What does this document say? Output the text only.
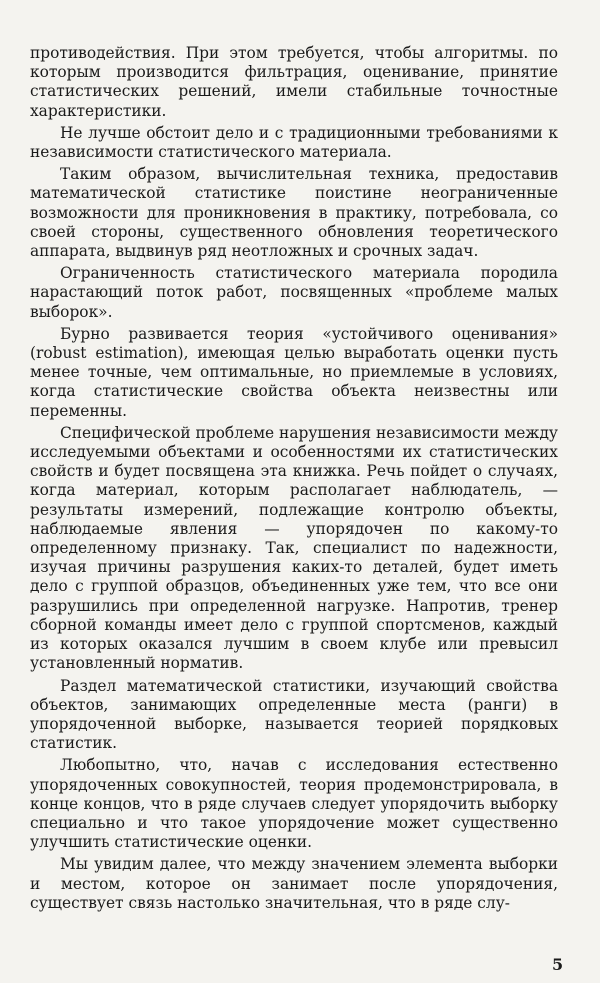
противодействия. При этом требуется, чтобы алгоритмы. по которым производится фильтрация, оценивание, принятие статистических решений, имели стабильные точностные характеристики.

Не лучше обстоит дело и с традиционными требованиями к независимости статистического материала.

Таким образом, вычислительная техника, предоставив математической статистике поистине неограниченные возможности для проникновения в практику, потребовала, со своей стороны, существенного обновления теоретического аппарата, выдвинув ряд неотложных и срочных задач.

Ограниченность статистического материала породила нарастающий поток работ, посвященных «проблеме малых выборок».

Бурно развивается теория «устойчивого оценивания» (robust estimation), имеющая целью выработать оценки пусть менее точные, чем оптимальные, но приемлемые в условиях, когда статистические свойства объекта неизвестны или переменны.

Специфической проблеме нарушения независимости между исследуемыми объектами и особенностями их статистических свойств и будет посвящена эта книжка. Речь пойдет о случаях, когда материал, которым располагает наблюдатель, — результаты измерений, подлежащие контролю объекты, наблюдаемые явления — упорядочен по какому-то определенному признаку. Так, специалист по надежности, изучая причины разрушения каких-то деталей, будет иметь дело с группой образцов, объединенных уже тем, что все они разрушились при определенной нагрузке. Напротив, тренер сборной команды имеет дело с группой спортсменов, каждый из которых оказался лучшим в своем клубе или превысил установленный норматив.

Раздел математической статистики, изучающий свойства объектов, занимающих определенные места (ранги) в упорядоченной выборке, называется теорией порядковых статистик.

Любопытно, что, начав с исследования естественно упорядоченных совокупностей, теория продемонстрировала, в конце концов, что в ряде случаев следует упорядочить выборку специально и что такое упорядочение может существенно улучшить статистические оценки.

Мы увидим далее, что между значением элемента выборки и местом, которое он занимает после упорядочения, существует связь настолько значительная, что в ряде слу-

5
